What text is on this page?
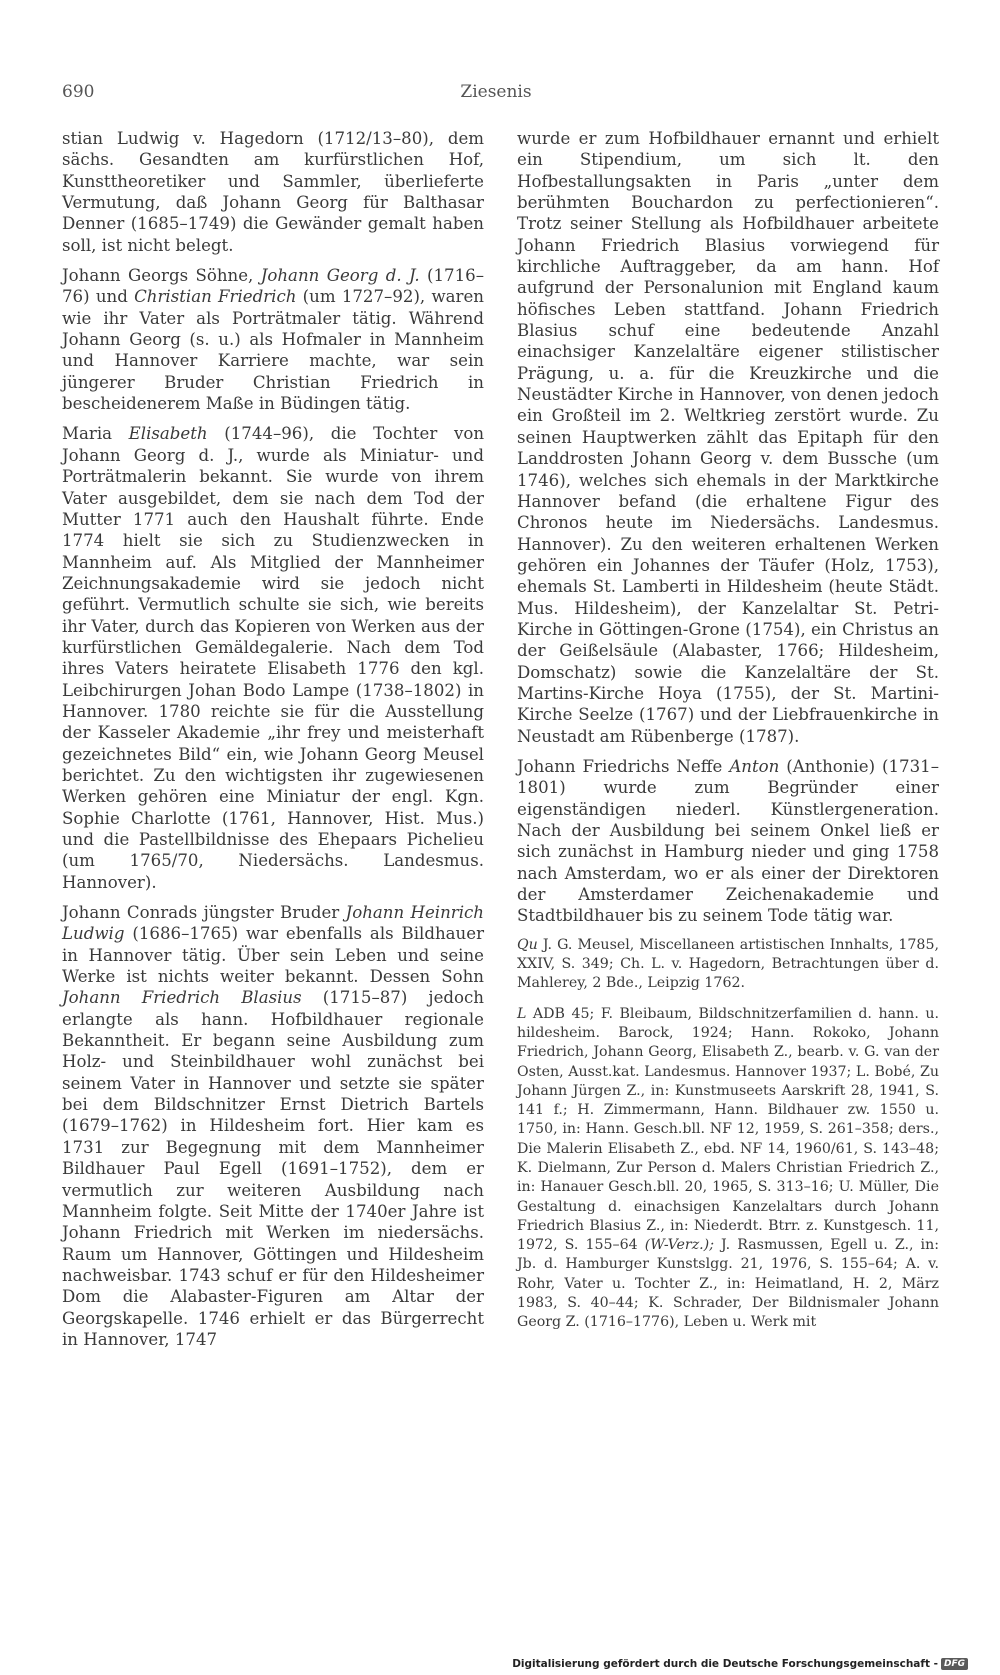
690	Ziesenis

stian Ludwig v. Hagedorn (1712/13–80), dem sächs. Gesandten am kurfürstlichen Hof, Kunsttheoretiker und Sammler, überlieferte Vermutung, daß Johann Georg für Balthasar Denner (1685–1749) die Gewänder gemalt haben soll, ist nicht belegt.

Johann Georgs Söhne, Johann Georg d. J. (1716–76) und Christian Friedrich (um 1727–92), waren wie ihr Vater als Porträtmaler tätig. Während Johann Georg (s. u.) als Hofmaler in Mannheim und Hannover Karriere machte, war sein jüngerer Bruder Christian Friedrich in bescheidenerem Maße in Büdingen tätig.

Maria Elisabeth (1744–96), die Tochter von Johann Georg d. J., wurde als Miniatur- und Porträtmalerin bekannt. Sie wurde von ihrem Vater ausgebildet, dem sie nach dem Tod der Mutter 1771 auch den Haushalt führte. Ende 1774 hielt sie sich zu Studienzwecken in Mannheim auf. Als Mitglied der Mannheimer Zeichnungsakademie wird sie jedoch nicht geführt. Vermutlich schulte sie sich, wie bereits ihr Vater, durch das Kopieren von Werken aus der kurfürstlichen Gemäldegalerie. Nach dem Tod ihres Vaters heiratete Elisabeth 1776 den kgl. Leibchirurgen Johan Bodo Lampe (1738–1802) in Hannover. 1780 reichte sie für die Ausstellung der Kasseler Akademie „ihr frey und meisterhaft gezeichnetes Bild“ ein, wie Johann Georg Meusel berichtet. Zu den wichtigsten ihr zugewiesenen Werken gehören eine Miniatur der engl. Kgn. Sophie Charlotte (1761, Hannover, Hist. Mus.) und die Pastellbildnisse des Ehepaars Pichelieu (um 1765/70, Niedersächs. Landesmus. Hannover).

Johann Conrads jüngster Bruder Johann Heinrich Ludwig (1686–1765) war ebenfalls als Bildhauer in Hannover tätig. Über sein Leben und seine Werke ist nichts weiter bekannt. Dessen Sohn Johann Friedrich Blasius (1715–87) jedoch erlangte als hann. Hofbildhauer regionale Bekanntheit. Er begann seine Ausbildung zum Holz- und Steinbildhauer wohl zunächst bei seinem Vater in Hannover und setzte sie später bei dem Bildschnitzer Ernst Dietrich Bartels (1679–1762) in Hildesheim fort. Hier kam es 1731 zur Begegnung mit dem Mannheimer Bildhauer Paul Egell (1691–1752), dem er vermutlich zur weiteren Ausbildung nach Mannheim folgte. Seit Mitte der 1740er Jahre ist Johann Friedrich mit Werken im niedersächs. Raum um Hannover, Göttingen und Hildesheim nachweisbar. 1743 schuf er für den Hildesheimer Dom die Alabaster-Figuren am Altar der Georgskapelle. 1746 erhielt er das Bürgerrecht in Hannover, 1747

wurde er zum Hofbildhauer ernannt und erhielt ein Stipendium, um sich lt. den Hofbestallungsakten in Paris „unter dem berühmten Bouchardon zu perfectionieren“. Trotz seiner Stellung als Hofbildhauer arbeitete Johann Friedrich Blasius vorwiegend für kirchliche Auftraggeber, da am hann. Hof aufgrund der Personalunion mit England kaum höfisches Leben stattfand. Johann Friedrich Blasius schuf eine bedeutende Anzahl einachsiger Kanzelaltäre eigener stilistischer Prägung, u. a. für die Kreuzkirche und die Neustädter Kirche in Hannover, von denen jedoch ein Großteil im 2. Weltkrieg zerstört wurde. Zu seinen Hauptwerken zählt das Epitaph für den Landdrosten Johann Georg v. dem Bussche (um 1746), welches sich ehemals in der Marktkirche Hannover befand (die erhaltene Figur des Chronos heute im Niedersächs. Landesmus. Hannover). Zu den weiteren erhaltenen Werken gehören ein Johannes der Täufer (Holz, 1753), ehemals St. Lamberti in Hildesheim (heute Städt. Mus. Hildesheim), der Kanzelaltar St. Petri-Kirche in Göttingen-Grone (1754), ein Christus an der Geißelsäule (Alabaster, 1766; Hildesheim, Domschatz) sowie die Kanzelaltäre der St. Martins-Kirche Hoya (1755), der St. Martini-Kirche Seelze (1767) und der Liebfrauenkirche in Neustadt am Rübenberge (1787).

Johann Friedrichs Neffe Anton (Anthonie) (1731–1801) wurde zum Begründer einer eigenständigen niederl. Künstlergeneration. Nach der Ausbildung bei seinem Onkel ließ er sich zunächst in Hamburg nieder und ging 1758 nach Amsterdam, wo er als einer der Direktoren der Amsterdamer Zeichenakademie und Stadtbildhauer bis zu seinem Tode tätig war.

Qu J. G. Meusel, Miscellaneen artistischen Innhalts, 1785, XXIV, S. 349; Ch. L. v. Hagedorn, Betrachtungen über d. Mahlerey, 2 Bde., Leipzig 1762.

L ADB 45; F. Bleibaum, Bildschnitzerfamilien d. hann. u. hildesheim. Barock, 1924; Hann. Rokoko, Johann Friedrich, Johann Georg, Elisabeth Z., bearb. v. G. van der Osten, Ausst.kat. Landesmus. Hannover 1937; L. Bobé, Zu Johann Jürgen Z., in: Kunstmuseets Aarskrift 28, 1941, S. 141 f.; H. Zimmermann, Hann. Bildhauer zw. 1550 u. 1750, in: Hann. Gesch.bll. NF 12, 1959, S. 261–358; ders., Die Malerin Elisabeth Z., ebd. NF 14, 1960/61, S. 143–48; K. Dielmann, Zur Person d. Malers Christian Friedrich Z., in: Hanauer Gesch.bll. 20, 1965, S. 313–16; U. Müller, Die Gestaltung d. einachsigen Kanzelaltars durch Johann Friedrich Blasius Z., in: Niederdt. Btrr. z. Kunstgesch. 11, 1972, S. 155–64 (W-Verz.); J. Rasmussen, Egell u. Z., in: Jb. d. Hamburger Kunstslgg. 21, 1976, S. 155–64; A. v. Rohr, Vater u. Tochter Z., in: Heimatland, H. 2, März 1983, S. 40–44; K. Schrader, Der Bildnismaler Johann Georg Z. (1716–1776), Leben u. Werk mit

Digitalisierung gefördert durch die Deutsche Forschungsgemeinschaft - DFG
